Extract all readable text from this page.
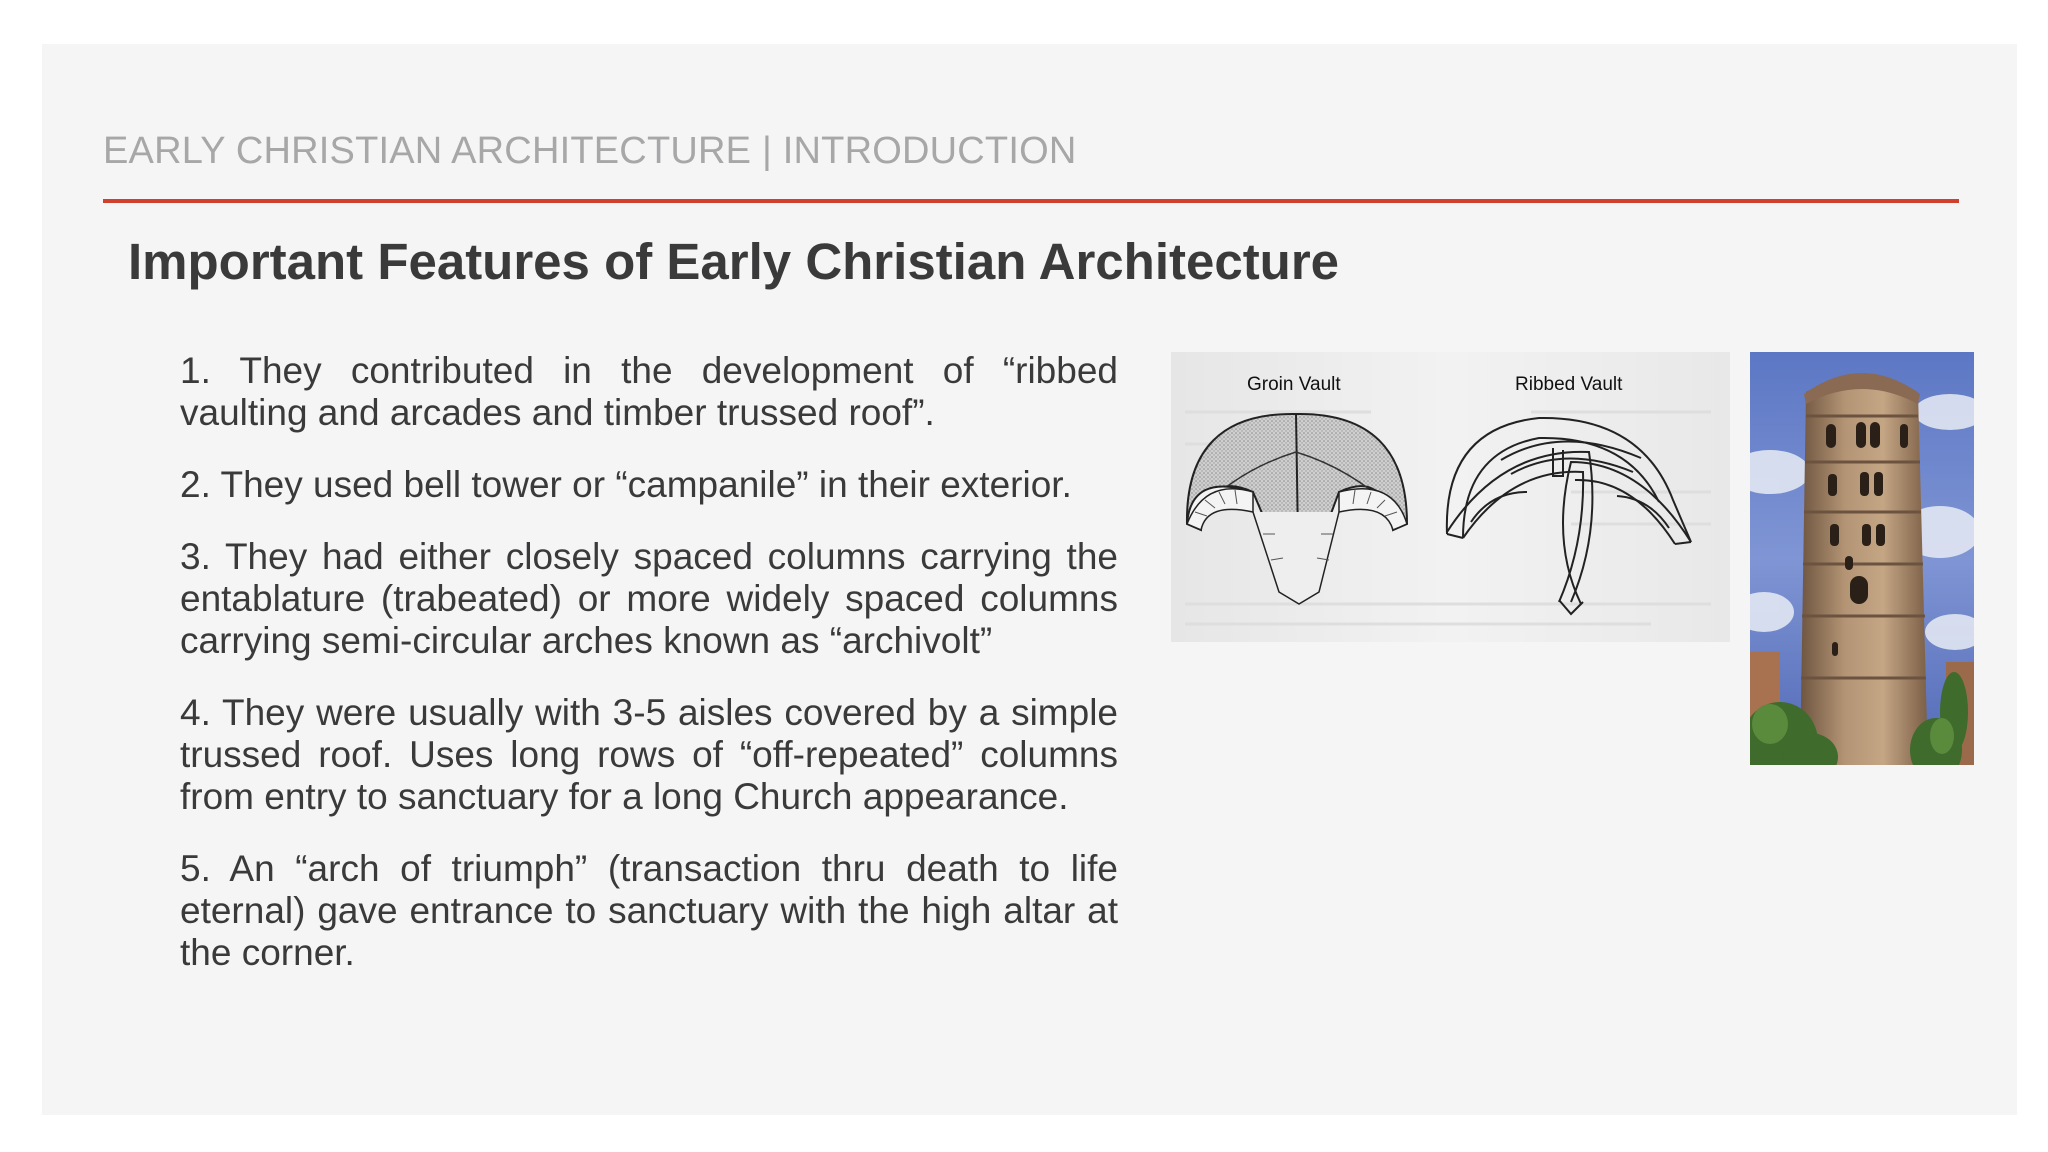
EARLY CHRISTIAN ARCHITECTURE | INTRODUCTION
Important Features of Early Christian Architecture
1. They contributed in the development of “ribbed vaulting and arcades and timber trussed roof”.
2. They used bell tower or “campanile” in their exterior.
3. They had either closely spaced columns carrying the entablature (trabeated) or more widely spaced columns carrying semi-circular arches known as “archivolt”
4. They were usually with 3-5 aisles covered by a simple trussed roof. Uses long rows of “off-repeated” columns from entry to sanctuary for a long Church appearance.
5. An “arch of triumph” (transaction thru death to life eternal) gave entrance to sanctuary with the high altar at the corner.
Groin Vault	Ribbed Vault
